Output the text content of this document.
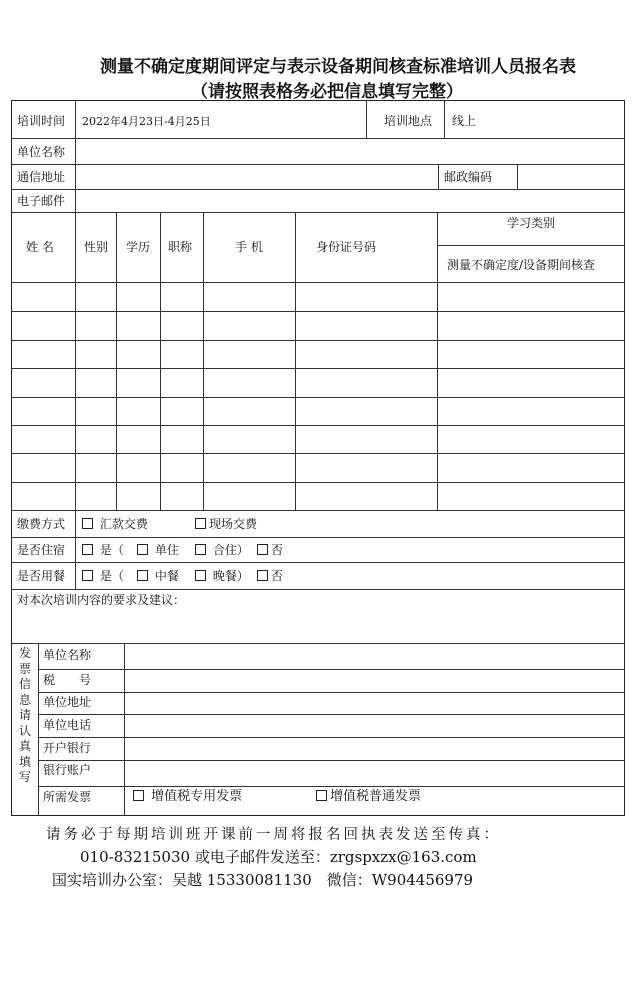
测量不确定度期间评定与表示设备期间核查标准培训人员报名表
（请按照表格务必把信息填写完整）
培训时间 2022年4月23日-4月25日	培训地点 线上
单位名称
通信地址	邮政编码
电子邮件
姓 名	性别 学历 职称	手 机	身份证号码
学习类别
测量不确定度/设备期间核查
缴费方式	汇款交费	现场交费
是否住宿	是（	单住	合住）	否
是否用餐	是（	中餐	晚餐）	否
对本次培训内容的要求及建议：
发票信息请认真填写
单位名称
税　　号
单位地址
单位电话
开户银行
银行账户
所需发票	增值税专用发票	增值税普通发票
请务必于每期培训班开课前一周将报名回执表发送至传真：
010-83215030 或电子邮件发送至：zrgspxzx@163.com
国实培训办公室：吴越 15330081130　微信：W904456979
